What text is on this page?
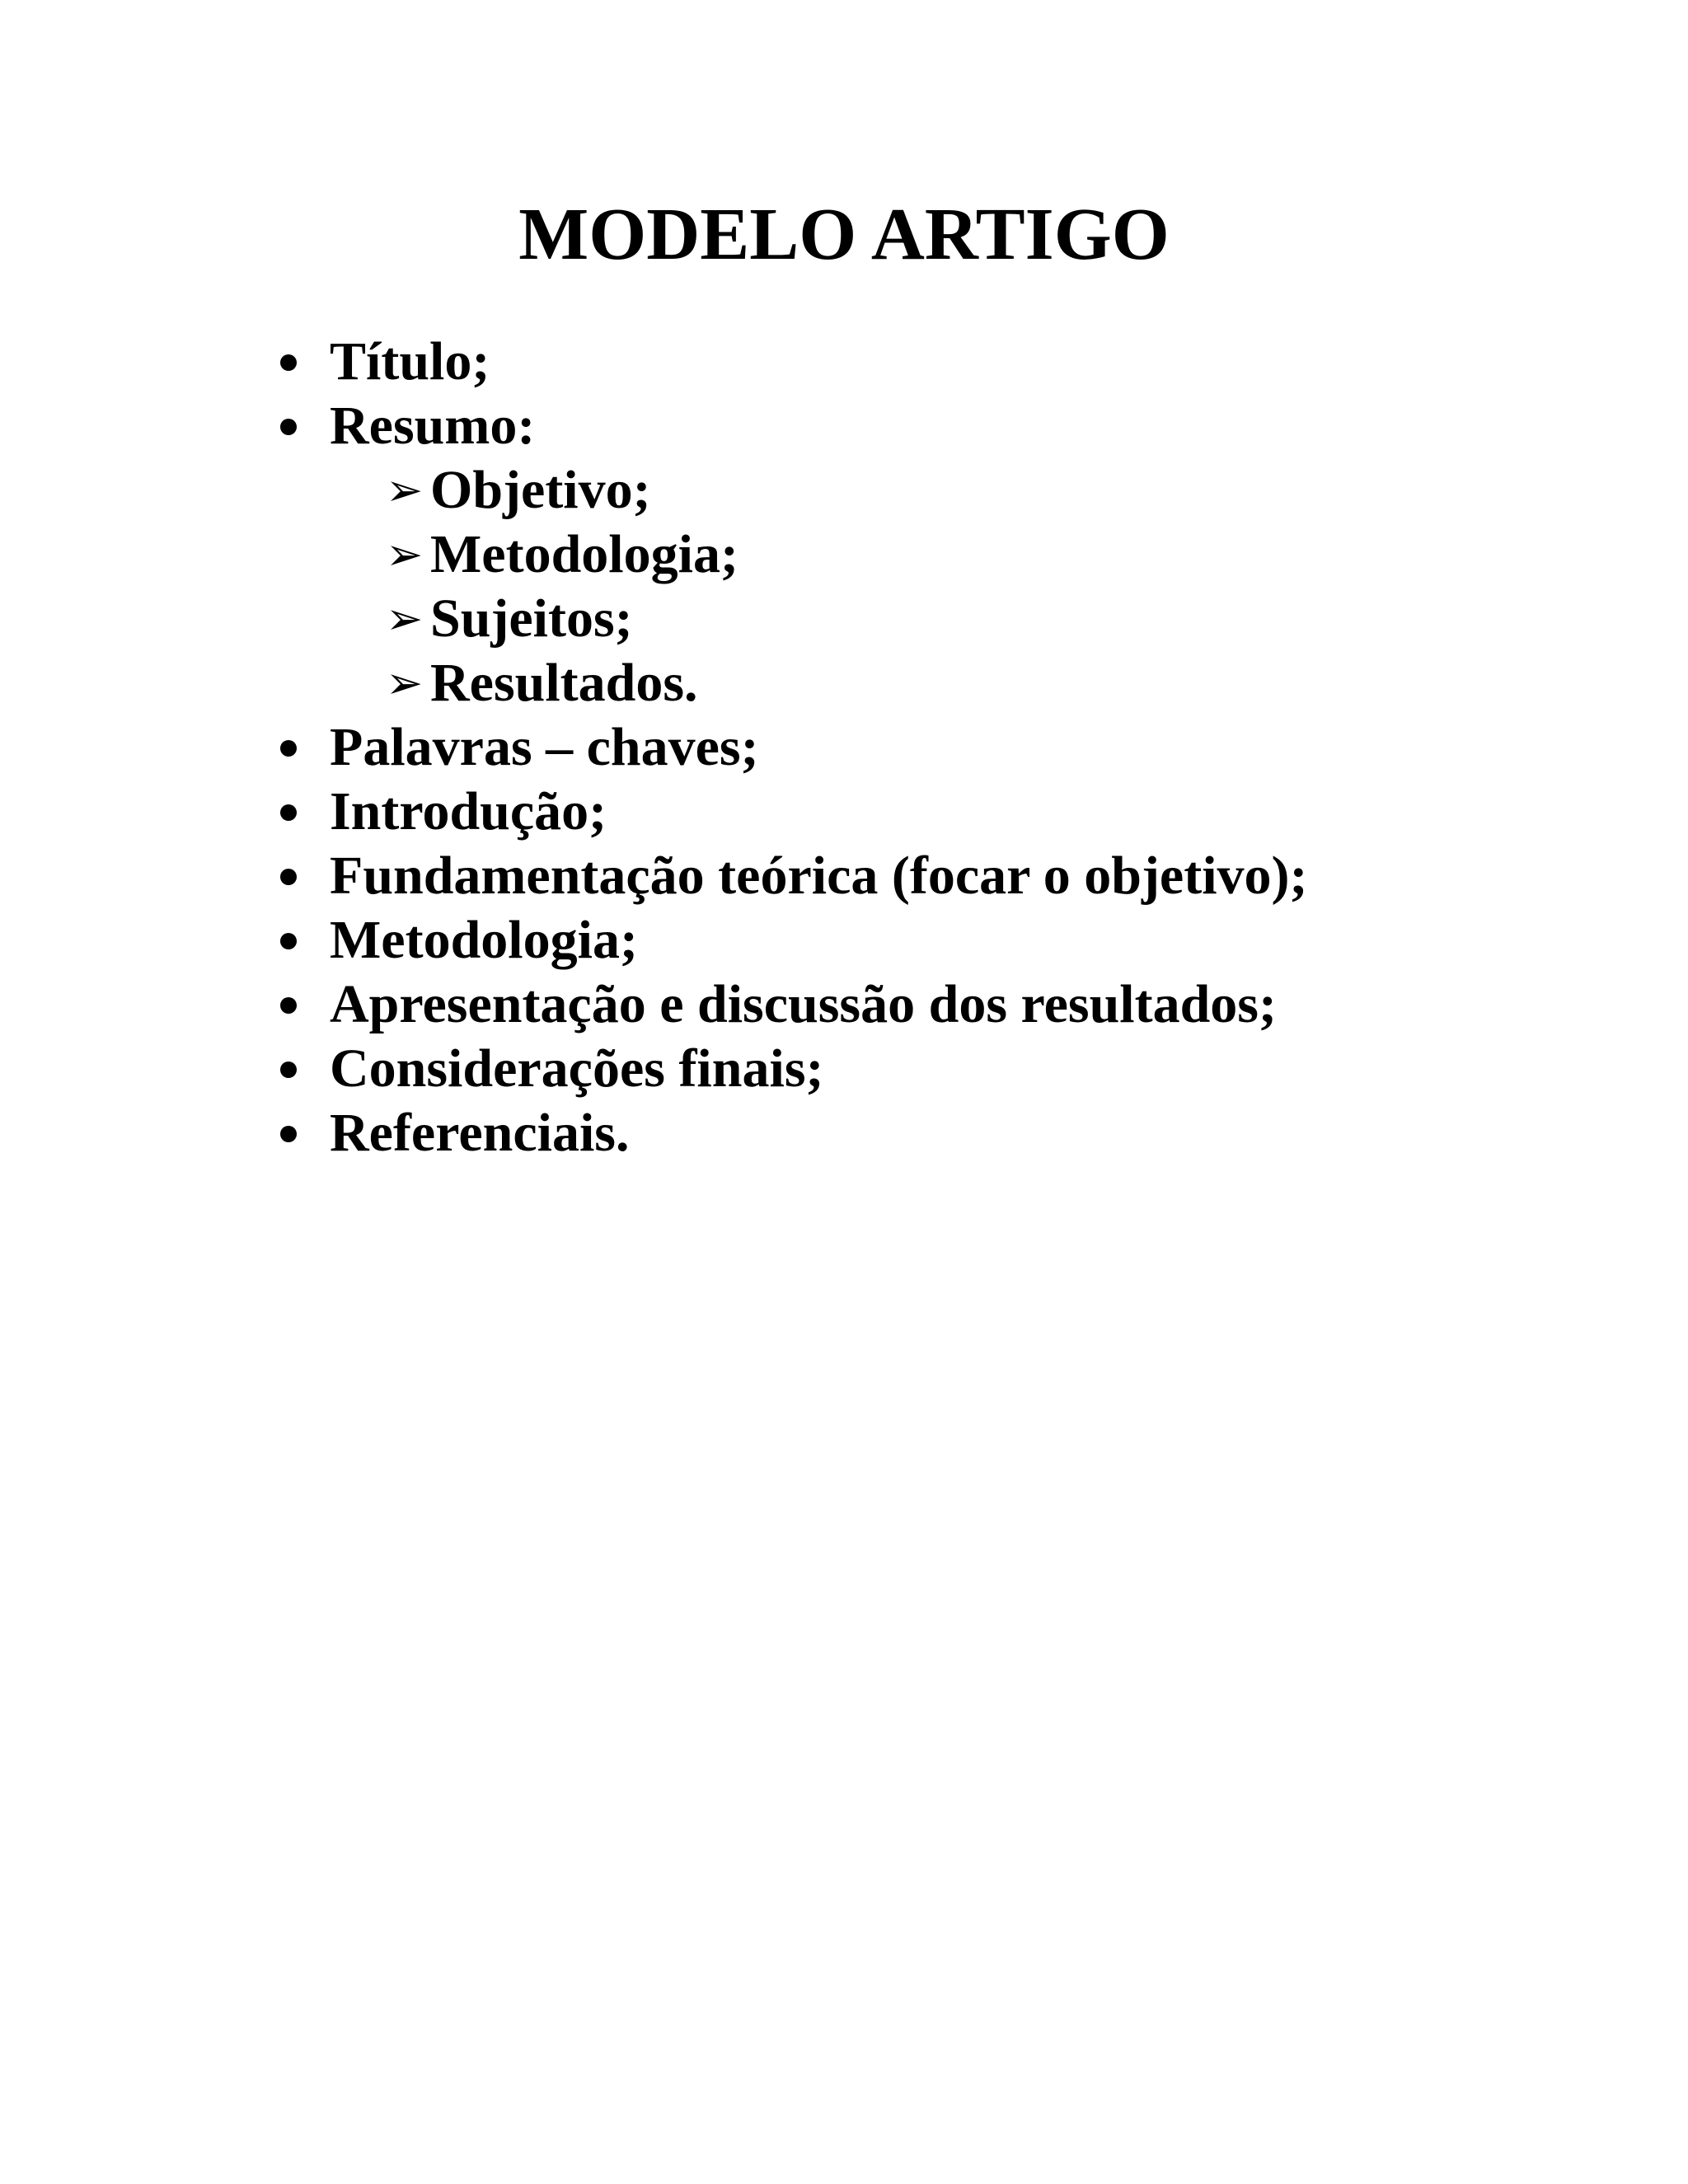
MODELO ARTIGO
Título;
Resumo:
➢ Objetivo;
➢ Metodologia;
➢ Sujeitos;
➢ Resultados.
Palavras – chaves;
Introdução;
Fundamentação teórica (focar o objetivo);
Metodologia;
Apresentação e discussão dos resultados;
Considerações finais;
Referenciais.
